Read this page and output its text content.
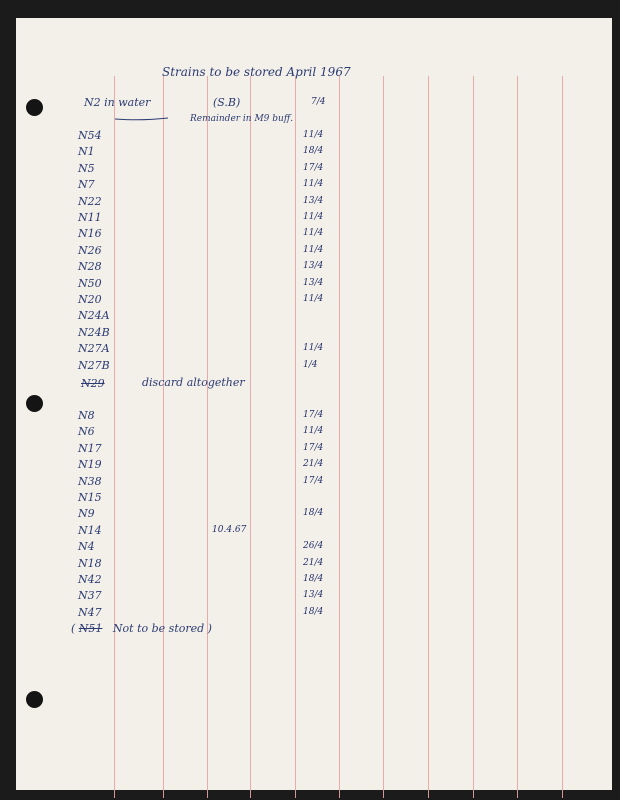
Strains to be stored April 1967
N2 in water	(S.B)	7/4
Remainder in M9 buff.
N54	11/4
N1	18/4
N5	17/4
N7	11/4
N22	13/4
N11	11/4
N16	11/4
N26	11/4
N28	13/4
N50	13/4
N20	11/4
N24A
N24B
N27A	11/4
N27B	1/4
N29	discard altogether
N8	17/4
N6	11/4
N17	17/4
N19	21/4
N38	17/4
N15
N9	18/4
N14	10.4.67
N4	26/4
N18	21/4
N42	18/4
N37	13/4
N47	18/4
( N51 Not to be stored )
